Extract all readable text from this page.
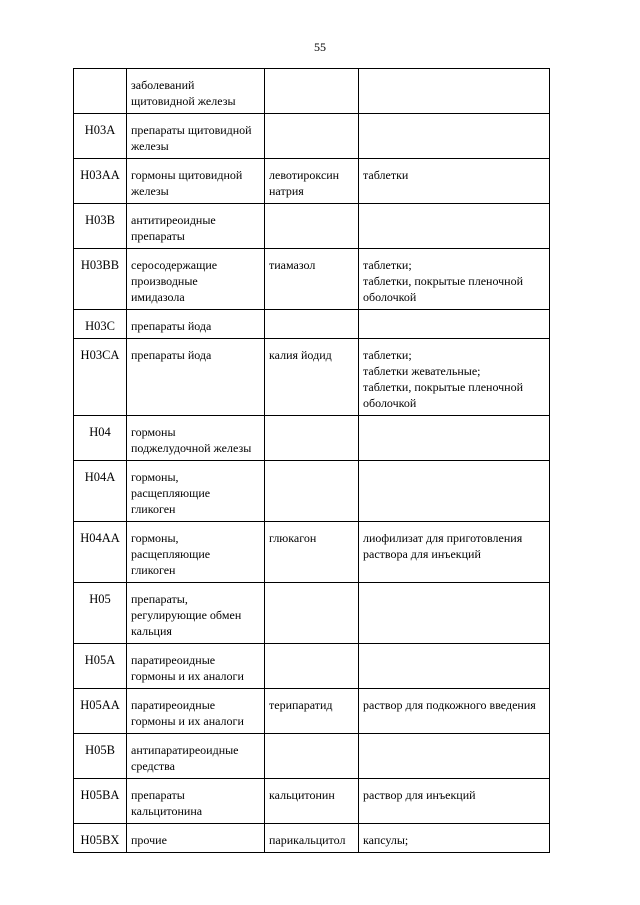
55

	заболеваний
щитовидной железы		

H03A	препараты щитовидной
железы		

H03AA	гормоны щитовидной
железы	левотироксин
натрия	таблетки

H03B	антитиреоидные
препараты		

H03BB	серосодержащие
производные
имидазола	тиамазол	таблетки;
таблетки, покрытые пленочной
оболочкой

H03C	препараты йода		

H03CA	препараты йода	калия йодид	таблетки;
таблетки жевательные;
таблетки, покрытые пленочной
оболочкой

H04	гормоны
поджелудочной железы		

H04A	гормоны,
расщепляющие
гликоген		

H04AA	гормоны,
расщепляющие
гликоген	глюкагон	лиофилизат для приготовления
раствора для инъекций

H05	препараты,
регулирующие обмен
кальция		

H05A	паратиреоидные
гормоны и их аналоги		

H05AA	паратиреоидные
гормоны и их аналоги	терипаратид	раствор для подкожного введения

H05B	антипаратиреоидные
средства		

H05BA	препараты
кальцитонина	кальцитонин	раствор для инъекций

H05BX	прочие	парикальцитол	капсулы;
